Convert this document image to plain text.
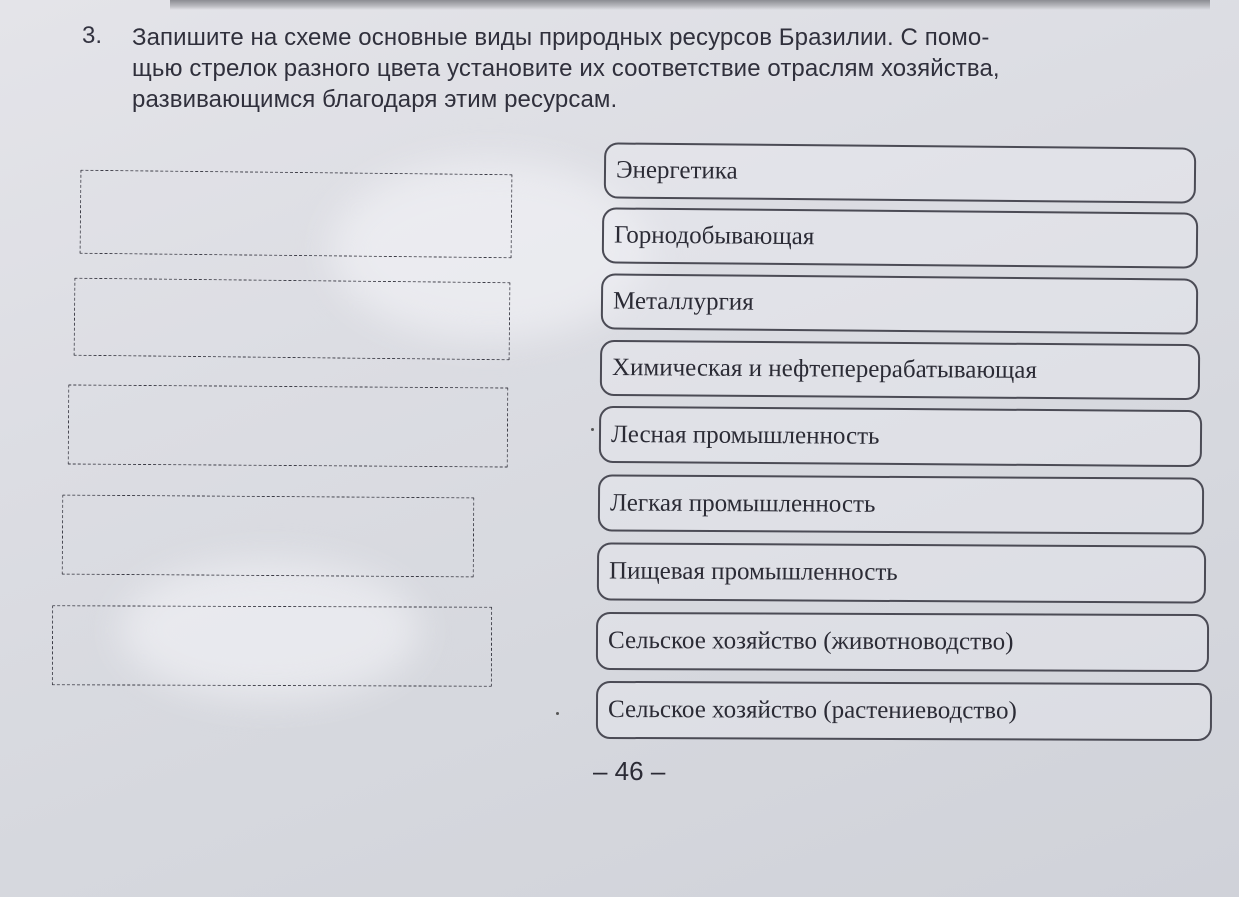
3. Запишите на схеме основные виды природных ресурсов Бразилии. С помо-
щью стрелок разного цвета установите их соответствие отраслям хозяйства,
развивающимся благодаря этим ресурсам.
Энергетика
Горнодобывающая
Металлургия
Химическая и нефтеперерабатывающая
Лесная промышленность
Легкая промышленность
Пищевая промышленность
Сельское хозяйство (животноводство)
Сельское хозяйство (растениеводство)
– 46 –
